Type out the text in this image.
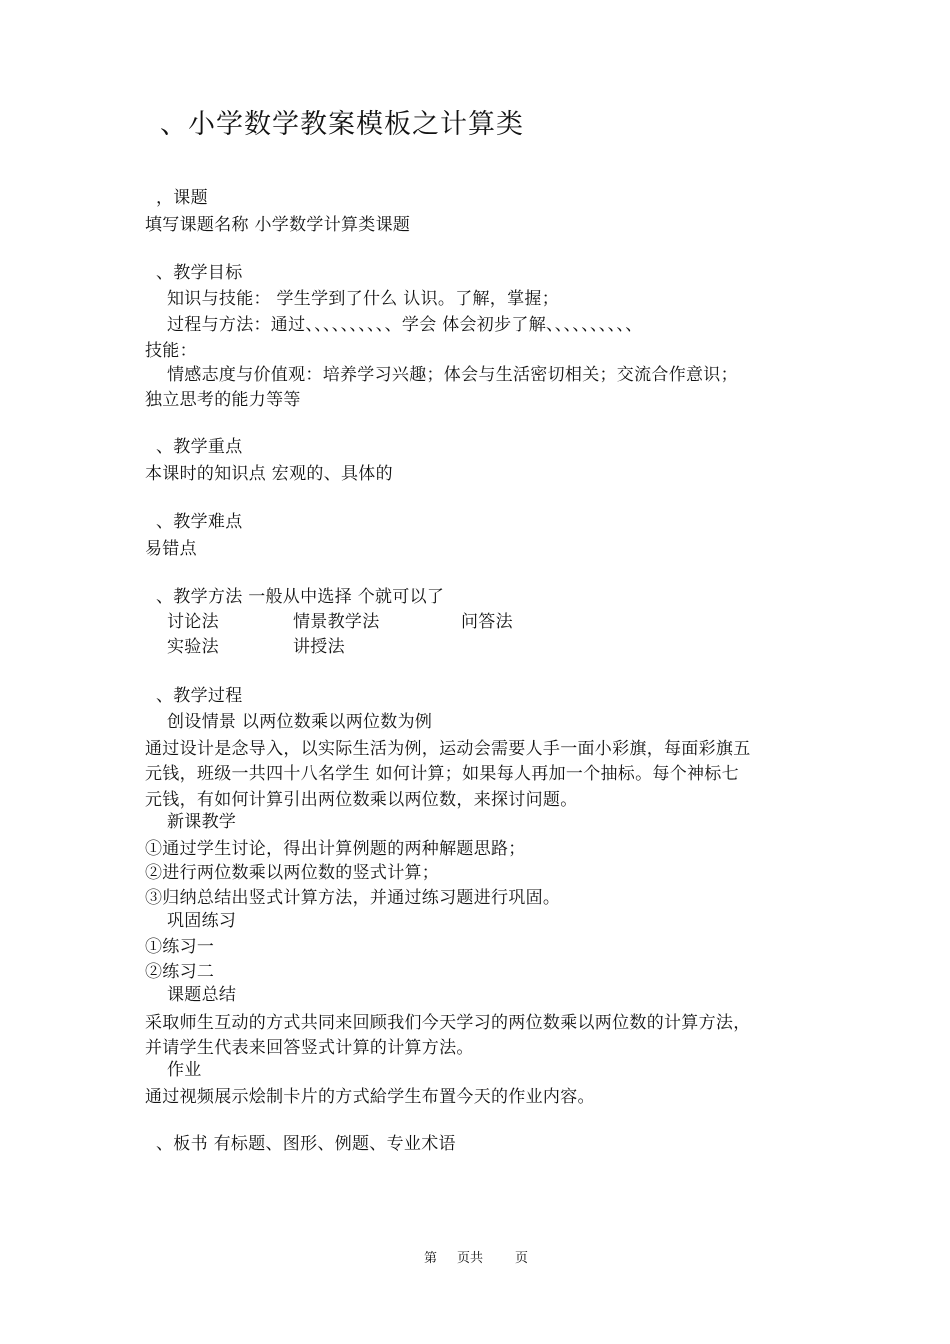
、小学数学教案模板之计算类
，课题
填写课题名称 小学数学计算类课题
、教学目标
知识与技能： 学生学到了什么 认识。了解，掌握；
过程与方法：通过、、、、、、、、、、学会 体会初步了解、、、、、、、、、、
技能：
情感志度与价值观：培养学习兴趣；体会与生活密切相关；交流合作意识；
独立思考的能力等等
、教学重点
本课时的知识点 宏观的、具体的
、教学难点
易错点
、教学方法 一般从中选择 个就可以了
讨论法	情景教学法	问答法
实验法	讲授法
、教学过程
创设情景 以两位数乘以两位数为例
通过设计是念导入，以实际生活为例，运动会需要人手一面小彩旗，每面彩旗五
元钱，班级一共四十八名学生 如何计算；如果每人再加一个抽标。每个神标七
元钱，有如何计算引出两位数乘以两位数，来探讨问题。
新课教学
①通过学生讨论，得出计算例题的两种解题思路；
②进行两位数乘以两位数的竖式计算；
③归纳总结出竖式计算方法，并通过练习题进行巩固。
巩固练习
①练习一
②练习二
课题总结
采取师生互动的方式共同来回顾我们今天学习的两位数乘以两位数的计算方法，
并请学生代表来回答竖式计算的计算方法。
作业
通过视频展示烩制卡片的方式給学生布置今天的作业内容。
、板书 有标题、图形、例题、专业术语
第 页共 页
